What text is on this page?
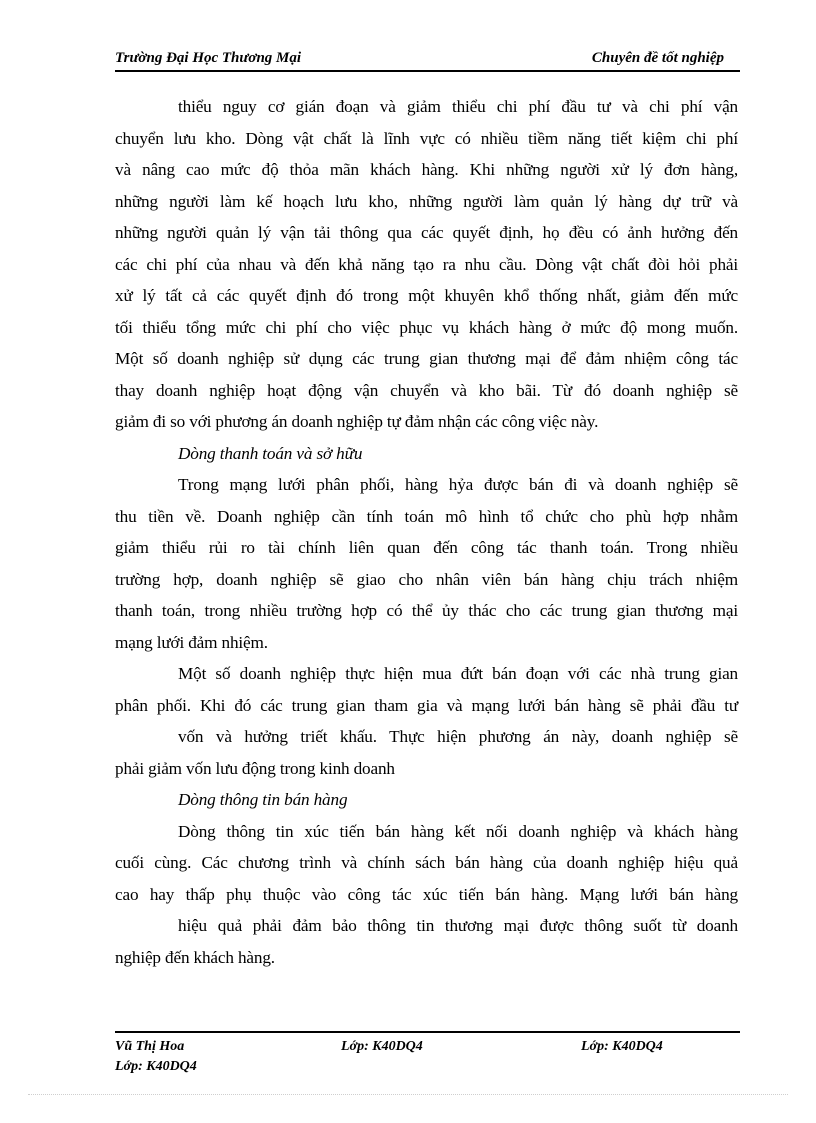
Trường Đại Học Thương Mại	Chuyên đề tốt nghiệp
thiểu nguy cơ gián đoạn và giảm thiểu chi phí đầu tư và chi phí vận
chuyển lưu kho. Dòng vật chất là lĩnh vực có nhiều tiềm năng tiết kiệm chi phí
và nâng cao mức độ thỏa mãn khách hàng. Khi những người xử lý đơn hàng,
những người làm kế hoạch lưu kho, những người làm quản lý hàng dự trữ và
những người quản lý vận tải thông qua các quyết định, họ đều có ảnh hưởng đến
các chi phí của nhau và đến khả năng tạo ra nhu cầu. Dòng vật chất đòi hỏi phải
xử lý tất cả các quyết định đó trong một khuyên khổ thống nhất, giảm đến mức
tối thiểu tổng mức chi phí cho việc phục vụ khách hàng ở mức độ mong muốn.
Một số doanh nghiệp sử dụng các trung gian thương mại để đảm nhiệm công tác
thay doanh nghiệp hoạt động vận chuyển và kho bãi. Từ đó doanh nghiệp sẽ
giảm đi so với phương án doanh nghiệp tự đảm nhận các công việc này.
Dòng thanh toán và sở hữu
Trong mạng lưới phân phối, hàng hỷa được bán đi và doanh nghiệp sẽ
thu tiền về. Doanh nghiệp cần tính toán mô hình tổ chức cho phù hợp nhằm
giảm thiểu rủi ro tài chính liên quan đến công tác thanh toán. Trong nhiều
trường hợp, doanh nghiệp sẽ giao cho nhân viên bán hàng chịu trách nhiệm
thanh toán, trong nhiều trường hợp có thể ủy thác cho các trung gian thương mại
mạng lưới đảm nhiệm.
Một số doanh nghiệp thực hiện mua đứt bán đoạn với các nhà trung gian
phân phối. Khi đó các trung gian tham gia và mạng lưới bán hàng sẽ phải đầu tư
vốn và hưởng triết khấu. Thực hiện phương án này, doanh nghiệp sẽ
phải giảm vốn lưu động trong kinh doanh
Dòng thông tin bán hàng
Dòng thông tin xúc tiến bán hàng kết nối doanh nghiệp và khách hàng
cuối cùng. Các chương trình và chính sách bán hàng của doanh nghiệp hiệu quả
cao hay thấp phụ thuộc vào công tác xúc tiến bán hàng. Mạng lưới bán hàng
hiệu quả phải đảm bảo thông tin thương mại được thông suốt từ doanh
nghiệp đến khách hàng.
Vũ Thị Hoa	Lớp: K40DQ4	Lớp: K40DQ4
Lớp: K40DQ4
